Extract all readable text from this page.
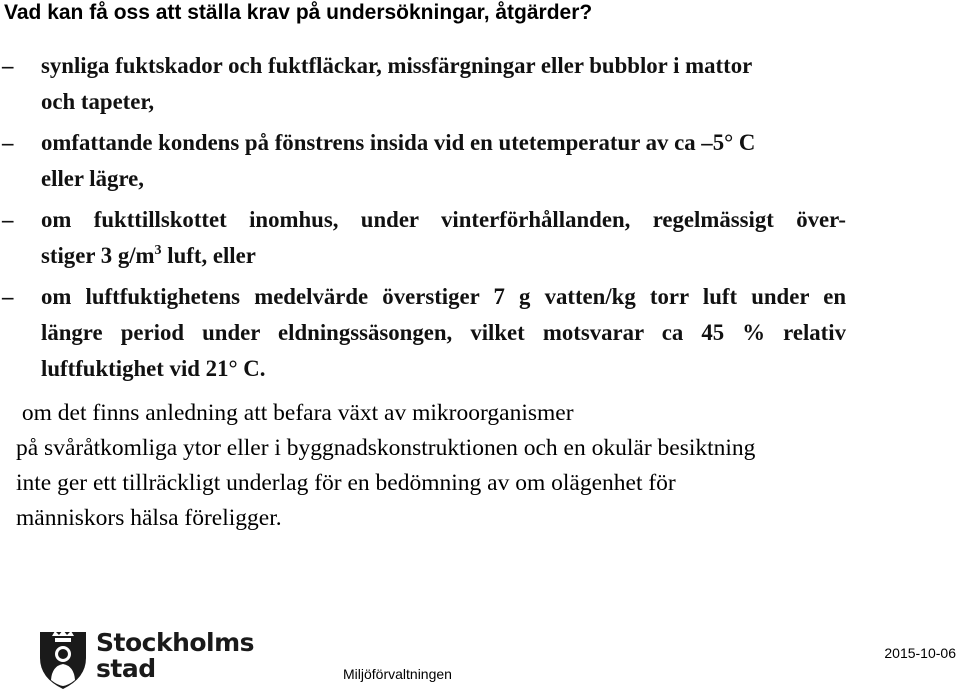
Vad kan få oss att ställa krav på undersökningar, åtgärder?
–	synliga fuktskador och fuktfläckar, missfärgningar eller bubblor i mattor
och tapeter,
–	omfattande kondens på fönstrens insida vid en utetemperatur av ca –5° C
eller lägre,
–	om fukttillskottet inomhus, under vinterförhållanden, regelmässigt över-
stiger 3 $g/m^3$ luft, eller
–	om luftfuktighetens medelvärde överstiger 7 g vatten/kg torr luft under en
längre period under eldningssäsongen, vilket motsvarar ca 45 % relativ
luftfuktighet vid 21° C.
om det finns anledning att befara växt av mikroorganismer
på svåråtkomliga ytor eller i byggnadskonstruktionen och en okulär besiktning
inte ger ett tillräckligt underlag för en bedömning av om olägenhet för
människors hälsa föreligger.
Stockholms
stad	Miljöförvaltningen
2015-10-06
